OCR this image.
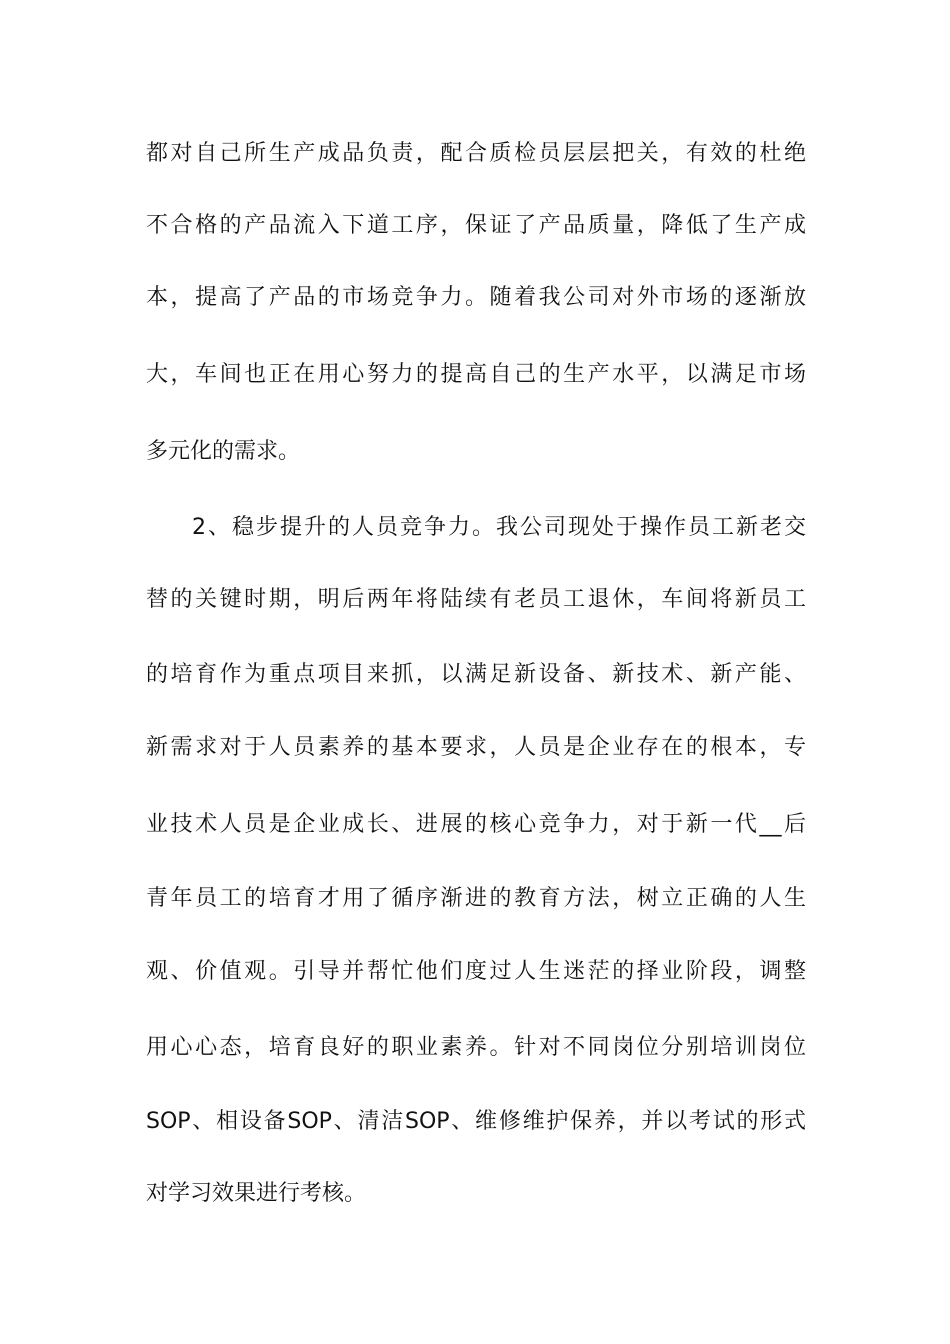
都对自己所生产成品负责，配合质检员层层把关，有效的杜绝
不合格的产品流入下道工序，保证了产品质量，降低了生产成
本，提高了产品的市场竞争力。随着我公司对外市场的逐渐放
大，车间也正在用心努力的提高自己的生产水平，以满足市场
多元化的需求。
2、稳步提升的人员竞争力。我公司现处于操作员工新老交
替的关键时期，明后两年将陆续有老员工退休，车间将新员工
的培育作为重点项目来抓，以满足新设备、新技术、新产能、
新需求对于人员素养的基本要求，人员是企业存在的根本，专
业技术人员是企业成长、进展的核心竞争力，对于新一代__后
青年员工的培育才用了循序渐进的教育方法，树立正确的人生
观、价值观。引导并帮忙他们度过人生迷茫的择业阶段，调整
用心心态，培育良好的职业素养。针对不同岗位分别培训岗位
SOP、相设备SOP、清洁SOP、维修维护保养，并以考试的形式
对学习效果进行考核。
